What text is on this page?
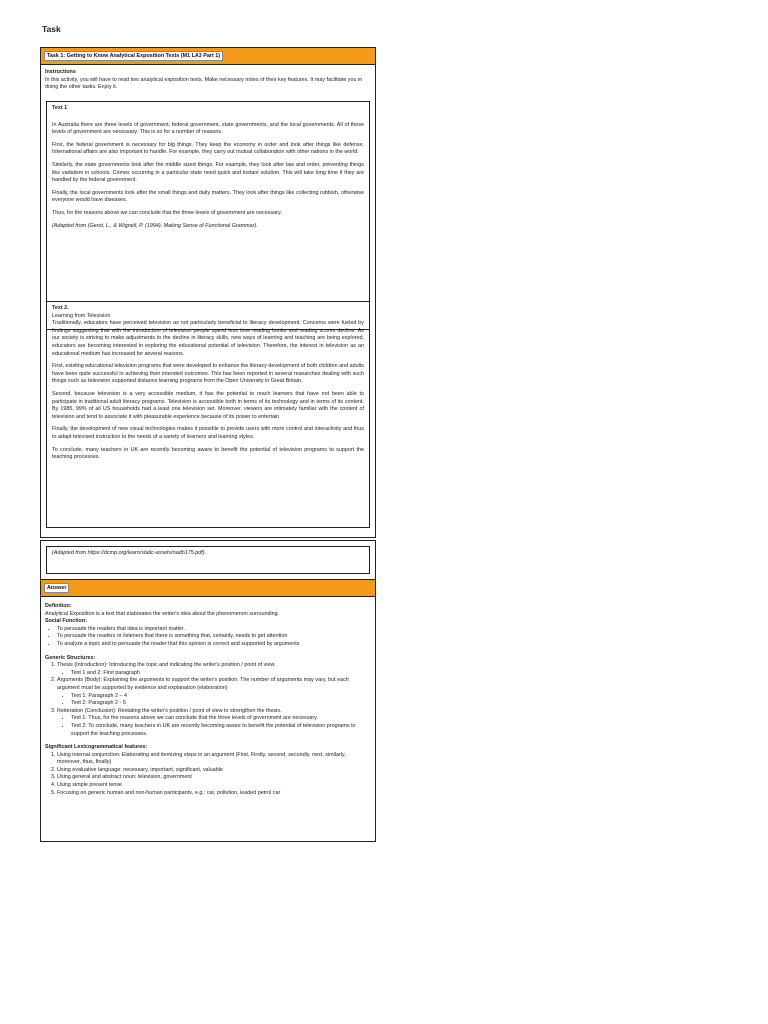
Task
Task 1: Getting to Know Analytical Exposition Texts (M1 LA3 Part 1)
Instructions
In this activity, you will have to read two analytical exposition texts. Make necessary notes of their key features. It may facilitate you in doing the other tasks. Enjoy it.

Text 1

In Australia there are three levels of government, federal government, state governments, and the local governments. All of these levels of government are necessary. This is so for a number of reasons.

First, the federal government is necessary for big things. They keep the economy in order and look after things like defense. International affairs are also important to handle. For example, they carry out mutual collaboration with other nations in the world.

Similarly, the state governments look after the middle sized things. For example, they look after law and order, preventing things like vadalism in schools. Crimes occurring in a particular state need quick and instant solution. This will take long time if they are handled by the federal government.

Finally, the local governments look after the small things and daily matters. They look after things like collecting rubbish, otherwise everyone would have diseases.

Thus, for the reasons above we can conclude that the three levels of government are necessary.

(Adapted from (Gerot, L., & Wignell, P. (1994). Making Sense of Functional Grammar).

Text 2.
Learning from Television

Traditionally, educators have perceived television as not particularly beneficial to literacy development. Concerns were fueled by findings suggesting that with the introduction of television people spend less time reading books and reading scores decline. As our society is striving to make adjustments to the decline in literacy skills, new ways of learning and teaching are being explored, educators are becoming interested in exploring the educational potential of television. Therefore, the interest in television as an educational medium has increased for several reasons.

First, existing educational television programs that were developed to enhance the literacy development of both children and adults have been quite successful in achieving their intended outcomes. This has been reported in several researches dealing with such things such as television supported distance learning programs from the Open University in Great Britain.

Second, because television is a very accessible medium, it has the potential to reach learners that have not been able to participate in traditional adult literacy programs. Television is accessible both in terms of its technology and in terms of its content. By 1985, 99% of all US households had a least one television set. Moreover, viewers are intimately familiar with the content of television and tend to associate it with pleasurable experience because of its power to entertain

Finally, the development of new visual technologies makes it possible to provide users with more control and interactivity and thus to adapt televised instruction to the needs of a variety of learners and learning styles.

To conclude, many teachers in UK are recently becoming aware to benefit the potential of television programs to support the teaching processes.

(Adapted from https://dcmp.org/learn/static-assets/nadh175.pdf).
Answer
Definition:
Analytical Exposition is a text that elaborates the writer's idea about the phenomenon surrounding.
Social Function:
• To persuade the readers that idea is important matter.
• To persuade the readers or listeners that there is something that, certainly, needs to get attention
• To analyze a topic and to persuade the reader that this opinion is correct and supported by arguments
Generic Structures:
1. Thesis (Introduction): Introducing the topic and indicating the writer's position / point of view.
• Text 1 and 2: First paragraph
2. Arguments (Body): Explaining the arguments to support the writer's position. The number of arguments may vary, but each argument must be supported by evidence and explanation (elaboration)
• Text 1: Paragraph 2 – 4
• Text 2: Paragraph 2 - 5
3. Reiteration (Conclusion): Restating the writer's position / point of view to strengthen the thesis.
• Text 1: Thus, for the reasons above we can conclude that the three levels of government are necessary.
• Text 2: To conclude, many teachers in UK are recently becoming aware to benefit the potential of television programs to support the teaching processes.
Significant Lexicogrammatical features:
1. Using internal conjunction: Elaborating and itemizing steps in an argument (First, Firstly, second, secondly, next, similarly, moreover, thus, finally)
2. Using evaluative language: necessary, important, significant, valuable
3. Using general and abstract noun: television, government
4. Using simple present tense
5. Focusing on generic human and non-human participants, e.g.: car, pollution, leaded petrol car
